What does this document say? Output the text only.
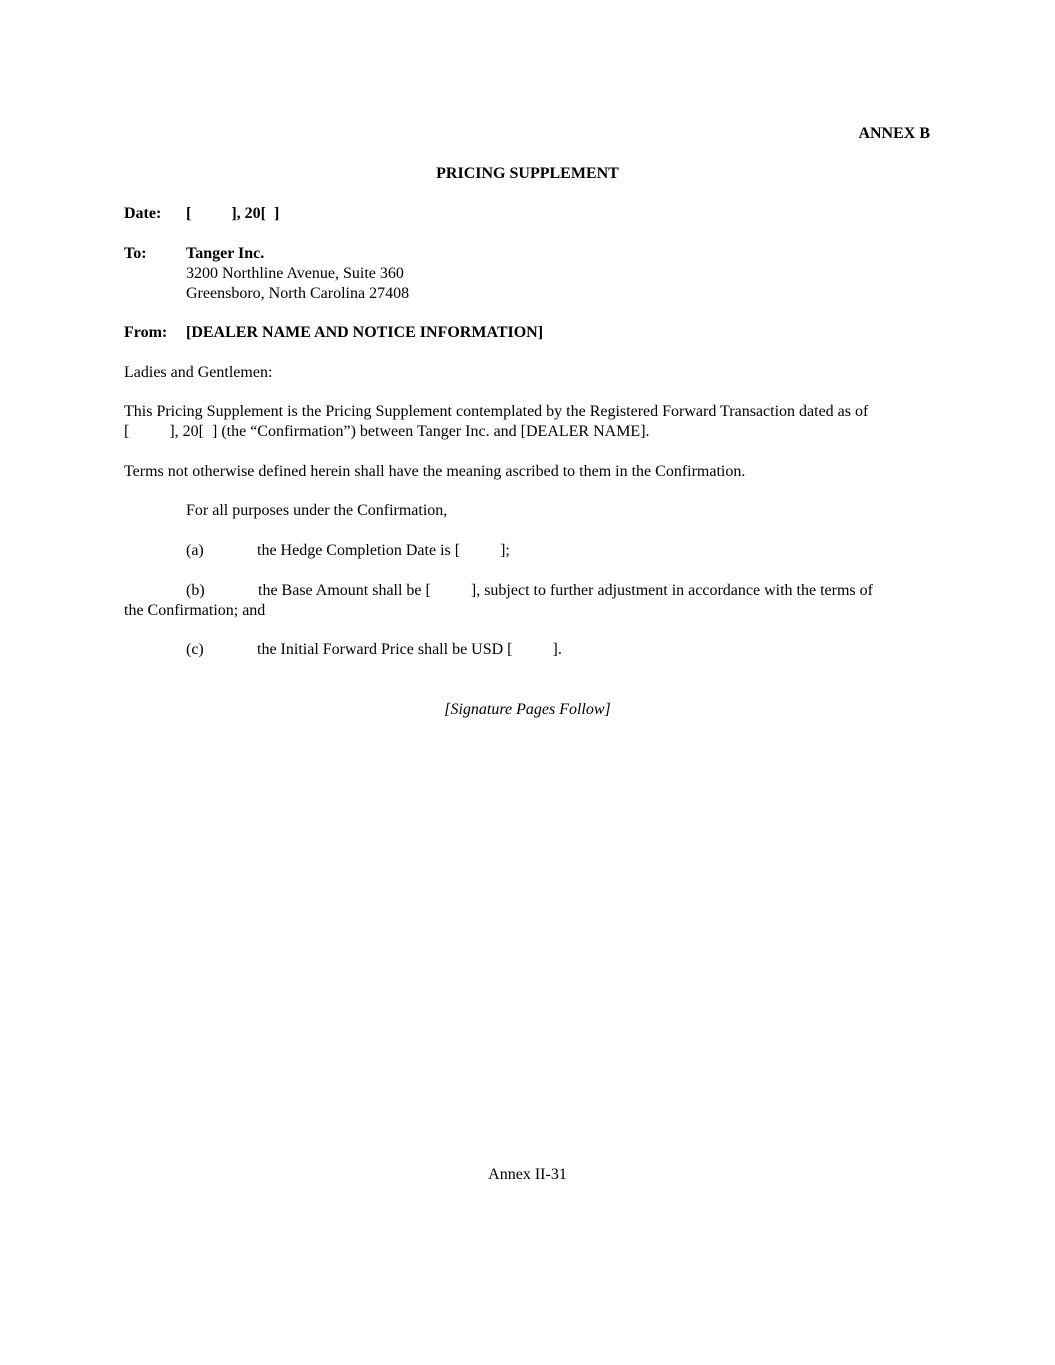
ANNEX B
PRICING SUPPLEMENT
Date: [          ], 20[  ]
To: Tanger Inc.
3200 Northline Avenue, Suite 360
Greensboro, North Carolina 27408
From: [DEALER NAME AND NOTICE INFORMATION]
Ladies and Gentlemen:
This Pricing Supplement is the Pricing Supplement contemplated by the Registered Forward Transaction dated as of
[          ], 20[  ] (the “Confirmation”) between Tanger Inc. and [DEALER NAME].
Terms not otherwise defined herein shall have the meaning ascribed to them in the Confirmation.
For all purposes under the Confirmation,
(a)	the Hedge Completion Date is [          ];
(b)	the Base Amount shall be [          ], subject to further adjustment in accordance with the terms of
the Confirmation; and
(c)	the Initial Forward Price shall be USD [          ].
[Signature Pages Follow]
Annex II-31
